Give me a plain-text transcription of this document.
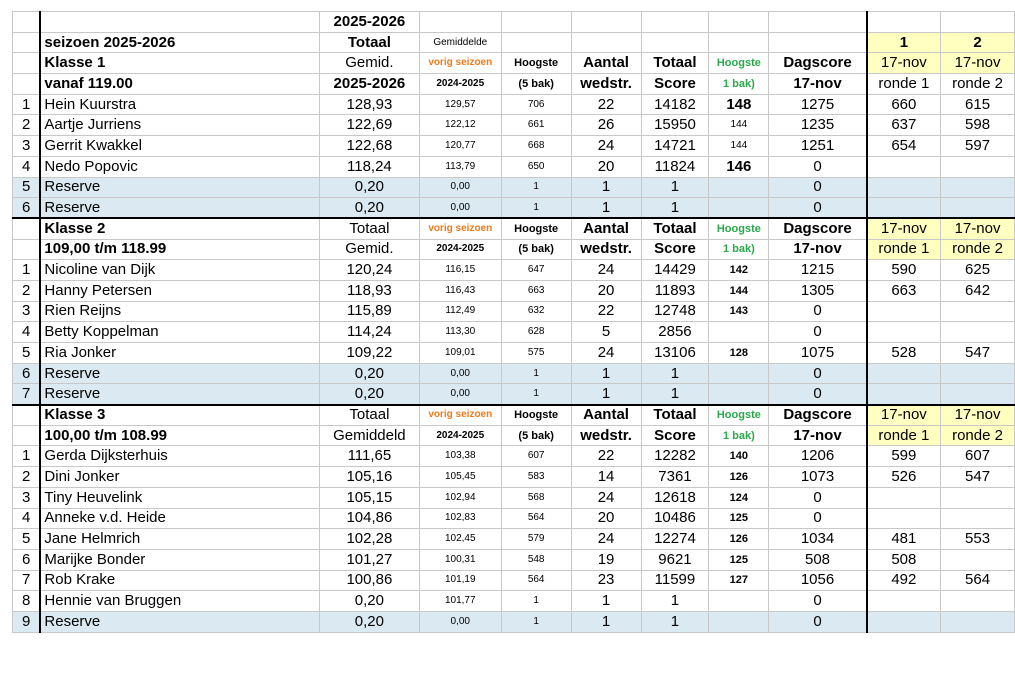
		2025-2026								
	seizoen 2025-2026	Totaal	Gemiddelde						1	2
	Klasse 1	Gemid.	vorig seizoen	Hoogste	Aantal	Totaal	Hoogste	Dagscore	17-nov	17-nov
	vanaf 119.00	2025-2026	2024-2025	(5 bak)	wedstr.	Score	1 bak)	17-nov	ronde 1	ronde 2
1	Hein Kuurstra	128,93	129,57	706	22	14182	148	1275	660	615
2	Aartje Jurriens	122,69	122,12	661	26	15950	144	1235	637	598
3	Gerrit Kwakkel	122,68	120,77	668	24	14721	144	1251	654	597
4	Nedo Popovic	118,24	113,79	650	20	11824	146	0		
5	Reserve	0,20	0,00	1	1	1		0		
6	Reserve	0,20	0,00	1	1	1		0		
	Klasse 2	Totaal	vorig seizoen	Hoogste	Aantal	Totaal	Hoogste	Dagscore	17-nov	17-nov
	109,00 t/m 118.99	Gemid.	2024-2025	(5 bak)	wedstr.	Score	1 bak)	17-nov	ronde 1	ronde 2
1	Nicoline van Dijk	120,24	116,15	647	24	14429	142	1215	590	625
2	Hanny Petersen	118,93	116,43	663	20	11893	144	1305	663	642
3	Rien Reijns	115,89	112,49	632	22	12748	143	0		
4	Betty Koppelman	114,24	113,30	628	5	2856		0		
5	Ria Jonker	109,22	109,01	575	24	13106	128	1075	528	547
6	Reserve	0,20	0,00	1	1	1		0		
7	Reserve	0,20	0,00	1	1	1		0		
	Klasse 3	Totaal	vorig seizoen	Hoogste	Aantal	Totaal	Hoogste	Dagscore	17-nov	17-nov
	100,00 t/m 108.99	Gemiddeld	2024-2025	(5 bak)	wedstr.	Score	1 bak)	17-nov	ronde 1	ronde 2
1	Gerda Dijksterhuis	111,65	103,38	607	22	12282	140	1206	599	607
2	Dini Jonker	105,16	105,45	583	14	7361	126	1073	526	547
3	Tiny Heuvelink	105,15	102,94	568	24	12618	124	0		
4	Anneke v.d. Heide	104,86	102,83	564	20	10486	125	0		
5	Jane Helmrich	102,28	102,45	579	24	12274	126	1034	481	553
6	Marijke Bonder	101,27	100,31	548	19	9621	125	508	508	
7	Rob Krake	100,86	101,19	564	23	11599	127	1056	492	564
8	Hennie van Bruggen	0,20	101,77	1	1	1		0		
9	Reserve	0,20	0,00	1	1	1		0		
